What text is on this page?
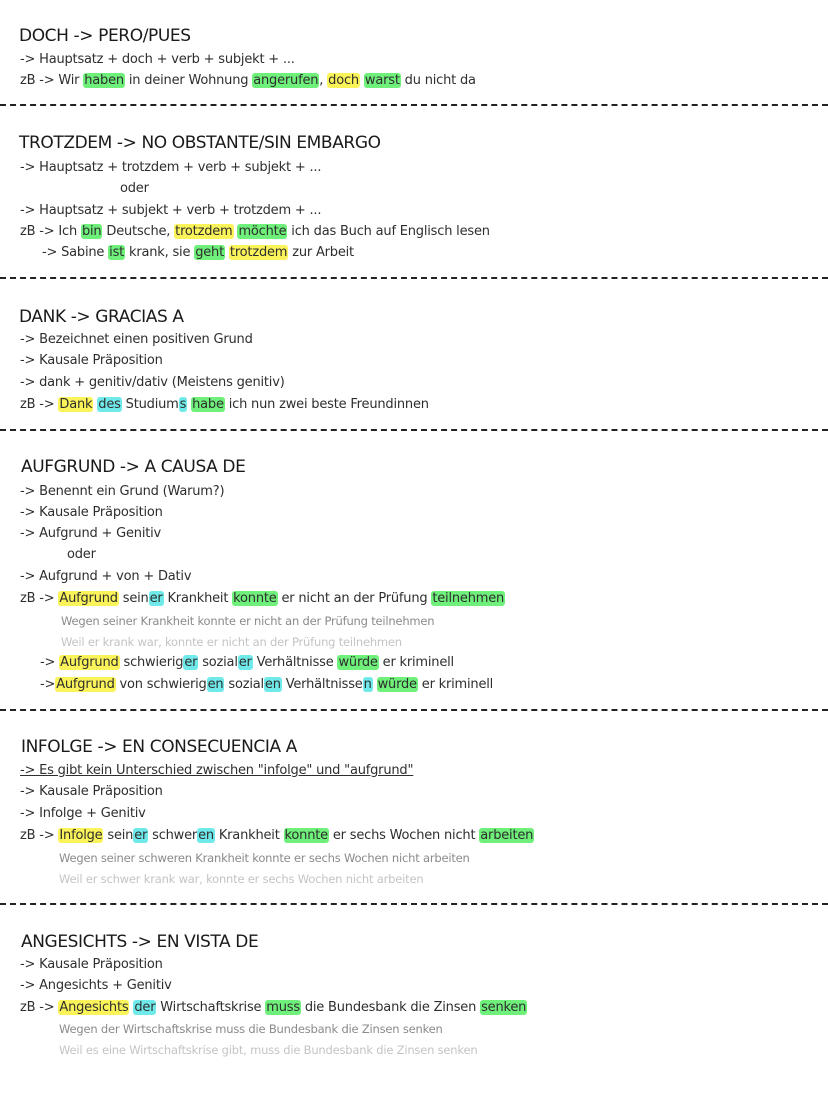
DOCH -> PERO/PUES
-> Hauptsatz + doch + verb + subjekt + ...
zB -> Wir haben in deiner Wohnung angerufen, doch warst du nicht da
TROTZDEM -> NO OBSTANTE/SIN EMBARGO
-> Hauptsatz + trotzdem + verb + subjekt + ...
oder
-> Hauptsatz + subjekt + verb + trotzdem + ...
zB -> Ich bin Deutsche, trotzdem möchte ich das Buch auf Englisch lesen
-> Sabine ist krank, sie geht trotzdem zur Arbeit
DANK -> GRACIAS A
-> Bezeichnet einen positiven Grund
-> Kausale Präposition
-> dank + genitiv/dativ (Meistens genitiv)
zB -> Dank des Studiums habe ich nun zwei beste Freundinnen
AUFGRUND -> A CAUSA DE
-> Benennt ein Grund (Warum?)
-> Kausale Präposition
-> Aufgrund + Genitiv
oder
-> Aufgrund + von + Dativ
zB -> Aufgrund seiner Krankheit konnte er nicht an der Prüfung teilnehmen
Wegen seiner Krankheit konnte er nicht an der Prüfung teilnehmen
Weil er krank war, konnte er nicht an der Prüfung teilnehmen
-> Aufgrund schwieriger sozialer Verhältnisse würde er kriminell
->Aufgrund von schwierigen sozialen Verhältnissen würde er kriminell
INFOLGE -> EN CONSECUENCIA A
-> Es gibt kein Unterschied zwischen "infolge" und "aufgrund"
-> Kausale Präposition
-> Infolge + Genitiv
zB -> Infolge seiner schweren Krankheit konnte er sechs Wochen nicht arbeiten
Wegen seiner schweren Krankheit konnte er sechs Wochen nicht arbeiten
Weil er schwer krank war, konnte er sechs Wochen nicht arbeiten
ANGESICHTS -> EN VISTA DE
-> Kausale Präposition
-> Angesichts + Genitiv
zB -> Angesichts der Wirtschaftskrise muss die Bundesbank die Zinsen senken
Wegen der Wirtschaftskrise muss die Bundesbank die Zinsen senken
Weil es eine Wirtschaftskrise gibt, muss die Bundesbank die Zinsen senken
